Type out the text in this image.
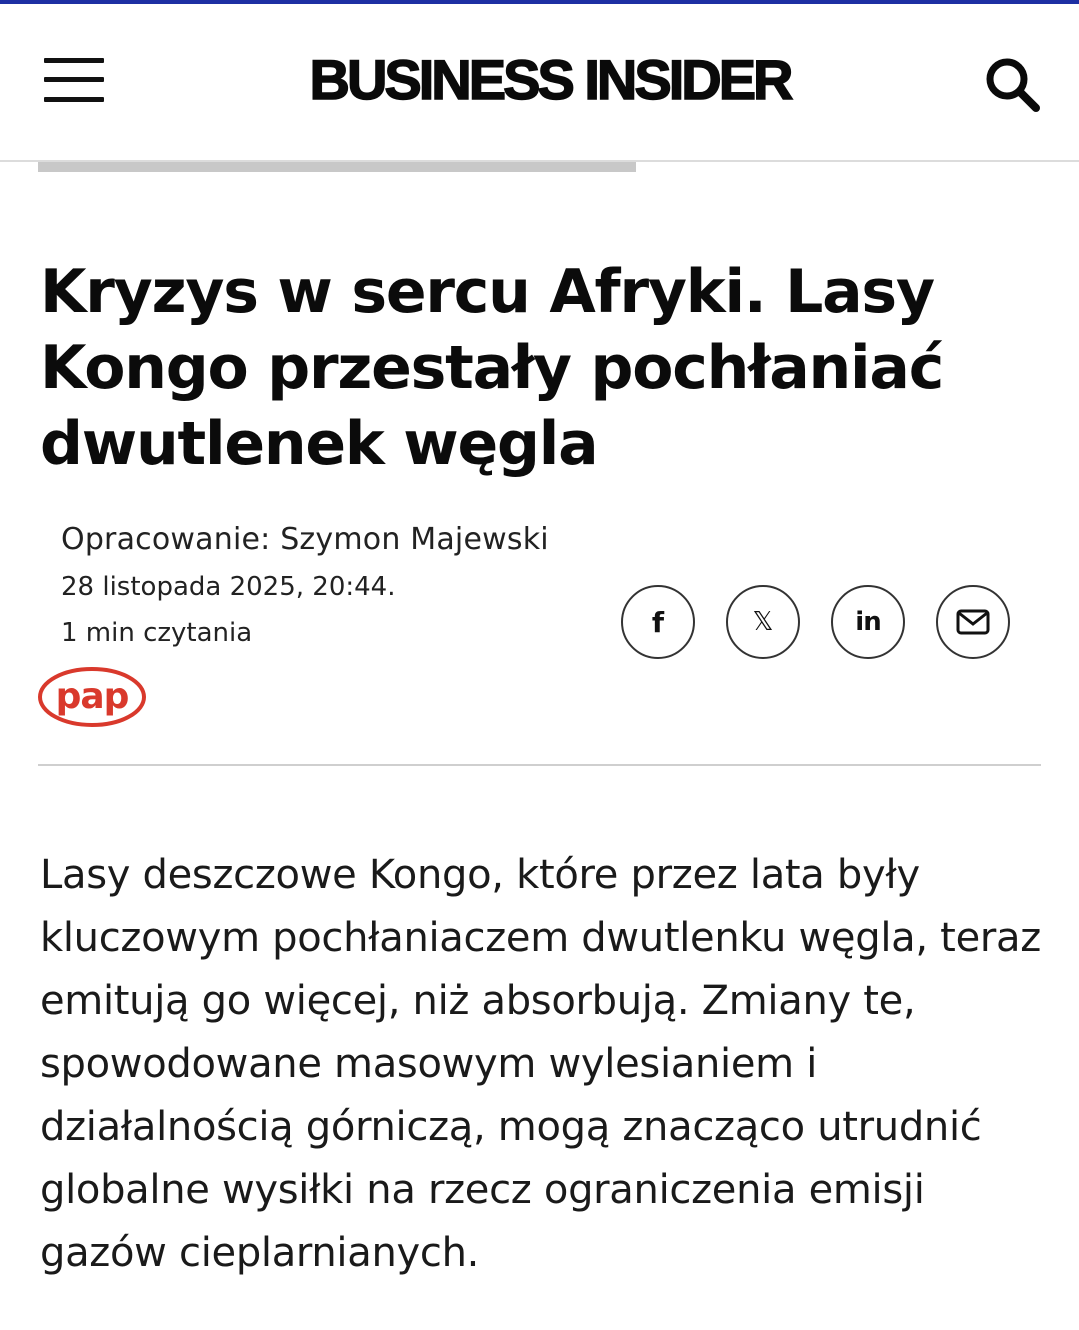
BUSINESS INSIDER
Kryzys w sercu Afryki. Lasy Kongo przestały pochłaniać dwutlenek węgla

Opracowanie: Szymon Majewski

28 listopada 2025, 20:44.

1 min czytania

pap
f	𝕏	in

Lasy deszczowe Kongo, które przez lata były kluczowym pochłaniaczem dwutlenku węgla, teraz emitują go więcej, niż absorbują. Zmiany te, spowodowane masowym wylesianiem i działalnością górniczą, mogą znacząco utrudnić globalne wysiłki na rzecz ograniczenia emisji gazów cieplarnianych.
